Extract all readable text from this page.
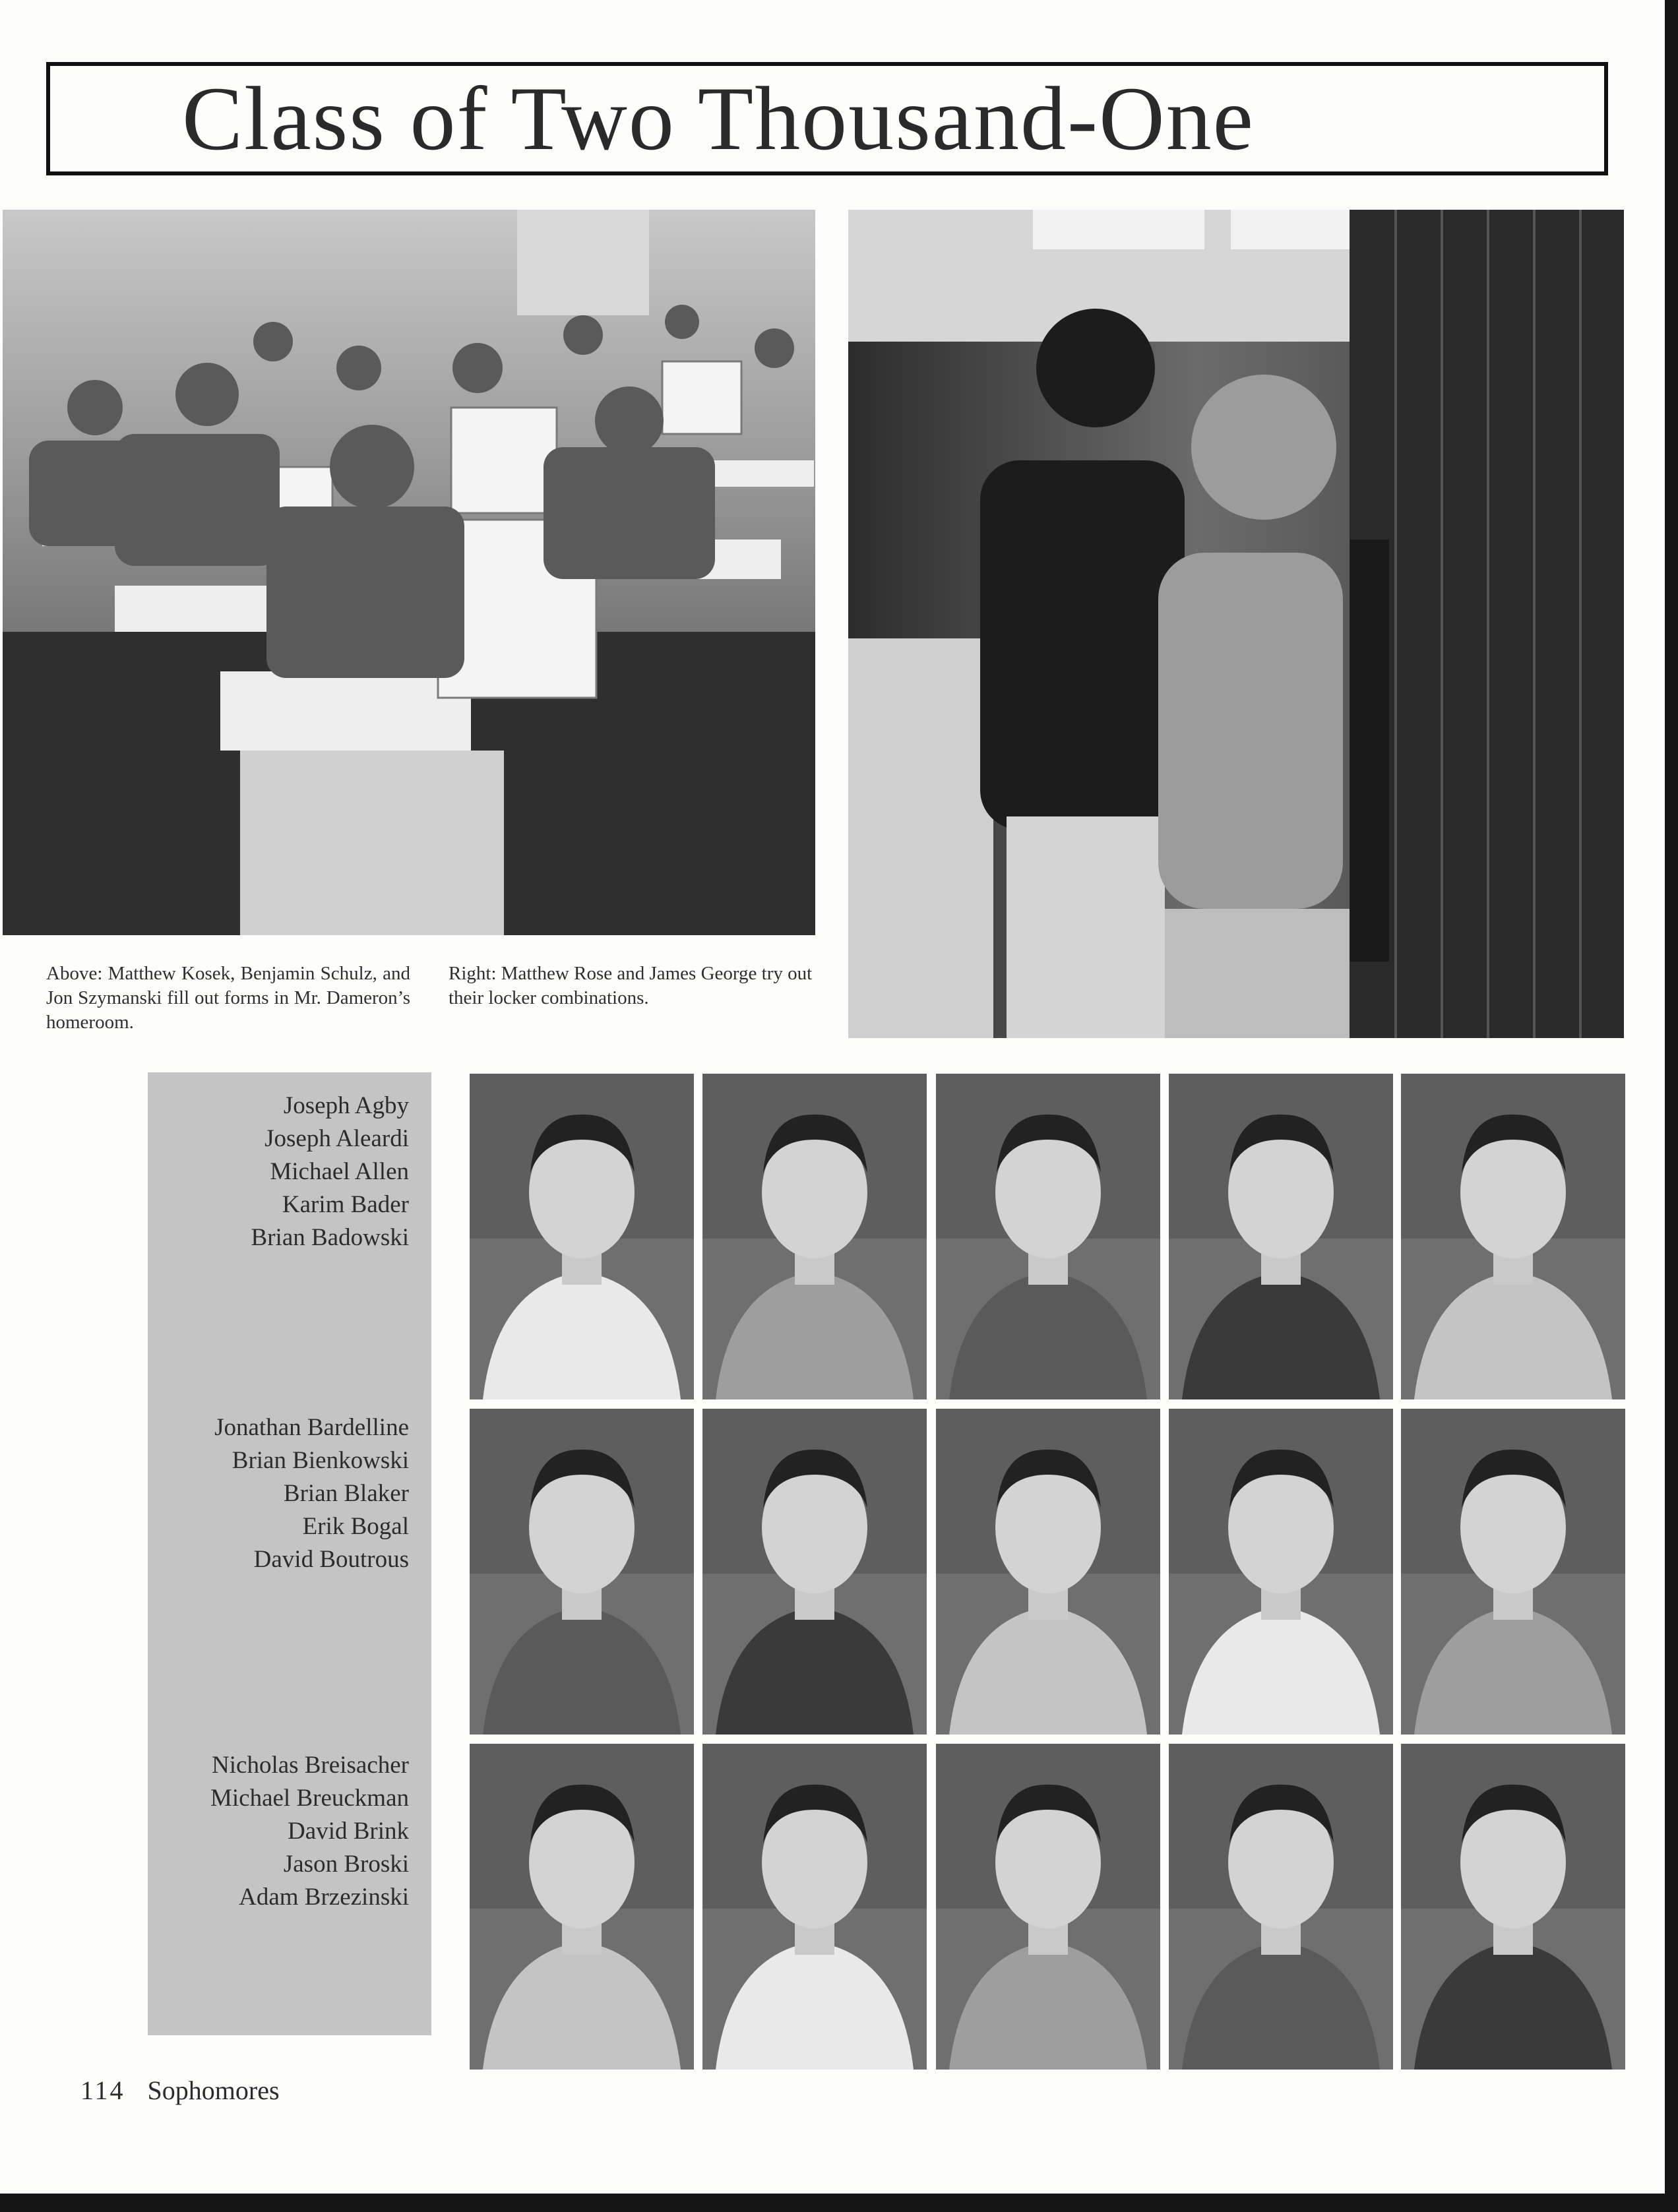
Class of Two Thousand-One
Above: Matthew Kosek, Benjamin Schulz, and Jon Szymanski fill out forms in Mr. Dameron’s homeroom.
Right: Matthew Rose and James George try out their locker combinations.
Joseph Agby
Joseph Aleardi
Michael Allen
Karim Bader
Brian Badowski
Jonathan Bardelline
Brian Bienkowski
Brian Blaker
Erik Bogal
David Boutrous
Nicholas Breisacher
Michael Breuckman
David Brink
Jason Broski
Adam Brzezinski
114 Sophomores
